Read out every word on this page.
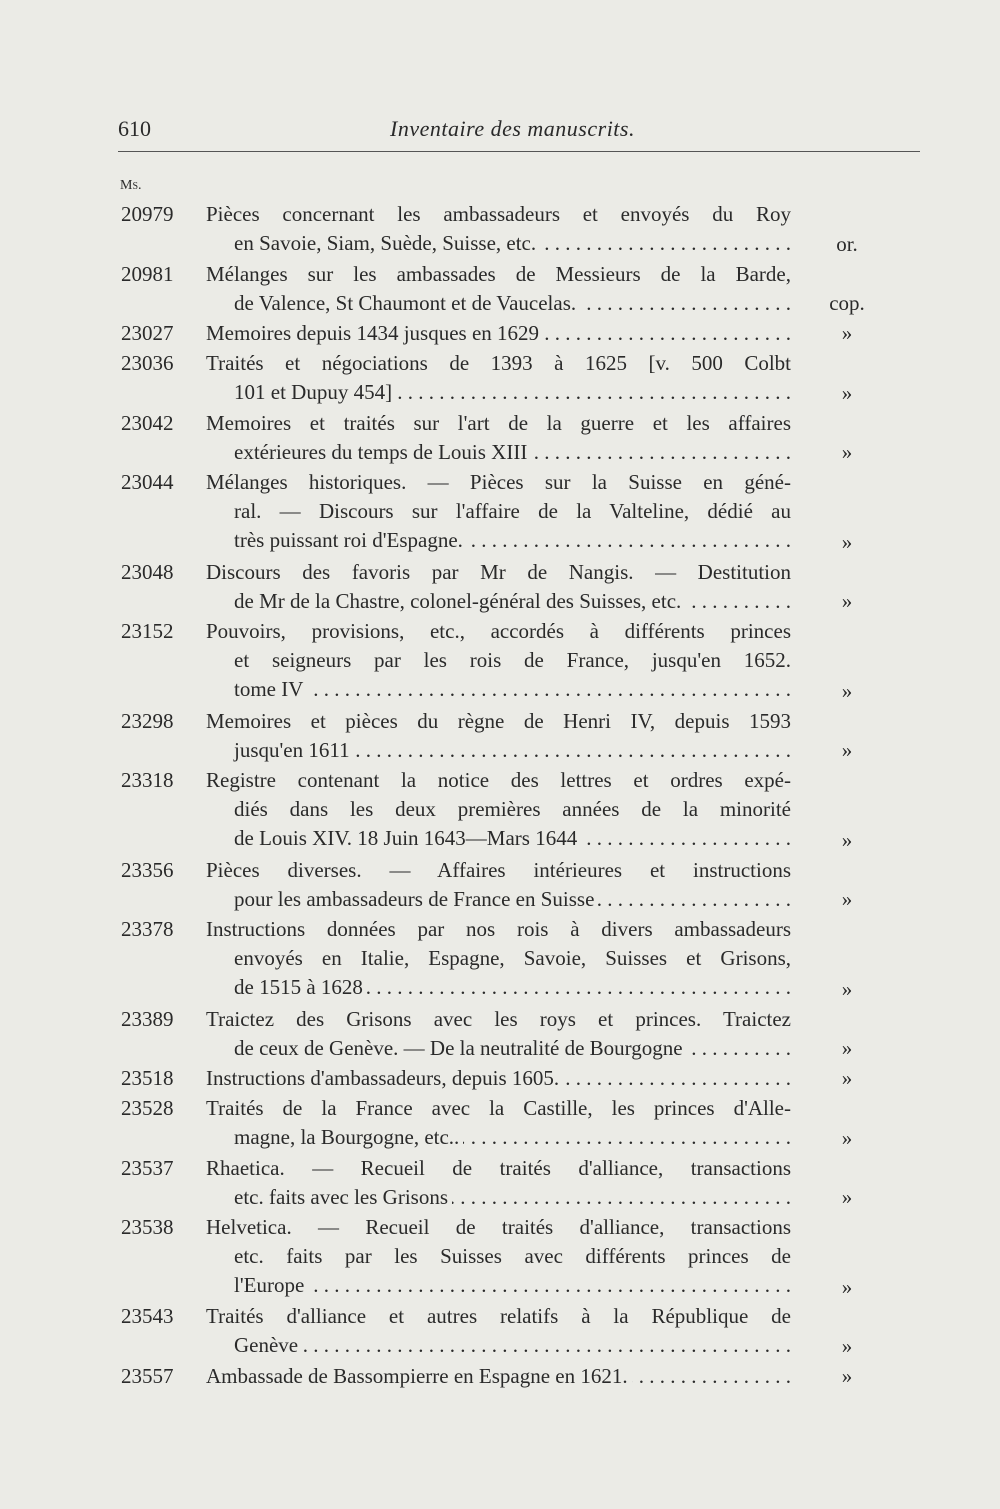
610	Inventaire des manuscrits.
Ms.
20979 Pièces concernant les ambassadeurs et envoyés du Roy
en Savoie, Siam, Suède, Suisse, etc. . . .	or.
20981 Mélanges sur les ambassades de Messieurs de la Barde,
de Valence, St Chaumont et de Vaucelas. . . .	cop.
23027 Memoires depuis 1434 jusques en 1629 . . .	»
23036 Traités et négociations de 1393 à 1625 [v. 500 Colbt
101 et Dupuy 454] . . .	»
23042 Memoires et traités sur l'art de la guerre et les affaires
extérieures du temps de Louis XIII . . .	»
23044 Mélanges historiques. — Pièces sur la Suisse en géné-
ral. — Discours sur l'affaire de la Valteline, dédié au
très puissant roi d'Espagne. . . .	»
23048 Discours des favoris par Mr de Nangis. — Destitution
de Mr de la Chastre, colonel-général des Suisses, etc. . . .	»
23152 Pouvoirs, provisions, etc., accordés à différents princes
et seigneurs par les rois de France, jusqu'en 1652.
tome IV . . .	»
23298 Memoires et pièces du règne de Henri IV, depuis 1593
jusqu'en 1611 . . .	»
23318 Registre contenant la notice des lettres et ordres expé-
diés dans les deux premières années de la minorité
de Louis XIV. 18 Juin 1643—Mars 1644 . . .	»
23356 Pièces diverses. — Affaires intérieures et instructions
pour les ambassadeurs de France en Suisse . . .	»
23378 Instructions données par nos rois à divers ambassadeurs
envoyés en Italie, Espagne, Savoie, Suisses et Grisons,
de 1515 à 1628 . . .	»
23389 Traictez des Grisons avec les roys et princes. Traictez
de ceux de Genève. — De la neutralité de Bourgogne . . .	»
23518 Instructions d'ambassadeurs, depuis 1605. . . .	»
23528 Traités de la France avec la Castille, les princes d'Alle-
magne, la Bourgogne, etc.. . . .	»
23537 Rhaetica. — Recueil de traités d'alliance, transactions
etc. faits avec les Grisons . . .	»
23538 Helvetica. — Recueil de traités d'alliance, transactions
etc. faits par les Suisses avec différents princes de
l'Europe . . .	»
23543 Traités d'alliance et autres relatifs à la République de
Genève . . .	»
23557 Ambassade de Bassompierre en Espagne en 1621. . . .	»
